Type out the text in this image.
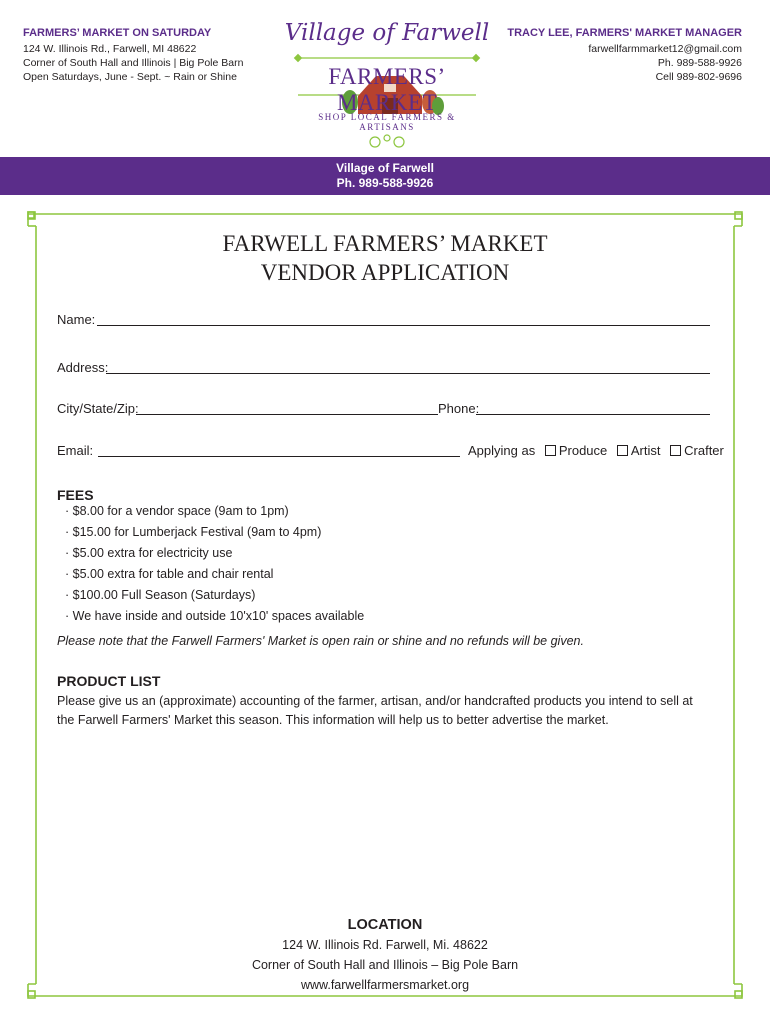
FARMERS’ MARKET ON SATURDAY
124 W. Illinois Rd., Farwell, MI 48622
Corner of South Hall and Illinois | Big Pole Barn
Open Saturdays, June - Sept. ~ Rain or Shine
TRACY LEE, FARMERS' MARKET MANAGER
farwellfarmmarket12@gmail.com
Ph. 989-588-9926
Cell 989-802-9696
Village of Farwell
FARMERS’ MARKET
SHOP LOCAL FARMERS & ARTISANS
Village of Farwell
Ph. 989-588-9926
FARWELL FARMERS’ MARKET
VENDOR APPLICATION
Name:
Address:
City/State/Zip:	Phone:
Email:	Applying as Produce Artist Crafter
FEES
· $8.00 for a vendor space (9am to 1pm)
· $15.00 for Lumberjack Festival (9am to 4pm)
· $5.00 extra for electricity use
· $5.00 extra for table and chair rental
· $100.00 Full Season (Saturdays)
· We have inside and outside 10'x10' spaces available
Please note that the Farwell Farmers' Market is open rain or shine and no refunds will be given.
PRODUCT LIST
Please give us an (approximate) accounting of the farmer, artisan, and/or handcrafted products you intend to sell at the Farwell Farmers' Market this season. This information will help us to better advertise the market.
LOCATION
124 W. Illinois Rd. Farwell, Mi. 48622
Corner of South Hall and Illinois – Big Pole Barn
www.farwellfarmersmarket.org
